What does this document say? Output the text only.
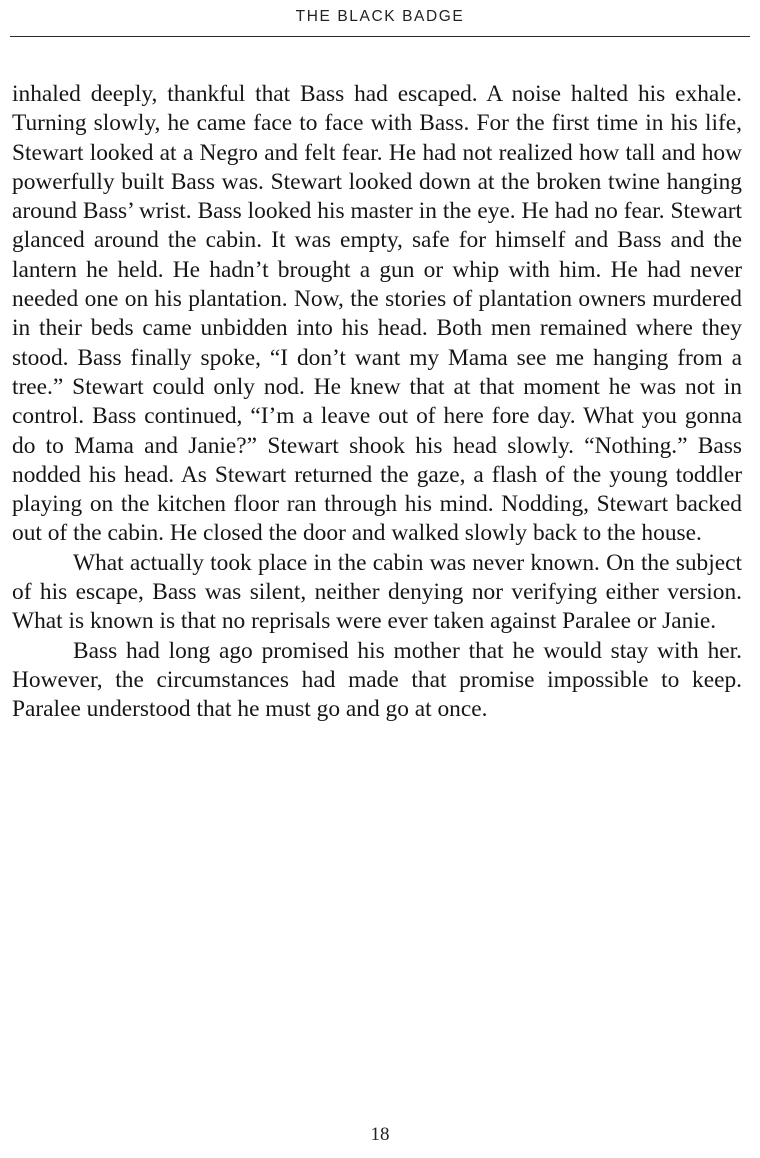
THE BLACK BADGE

inhaled deeply, thankful that Bass had escaped. A noise halted his exhale. Turning slowly, he came face to face with Bass. For the first time in his life, Stewart looked at a Negro and felt fear. He had not realized how tall and how powerfully built Bass was. Stewart looked down at the broken twine hanging around Bass’ wrist. Bass looked his master in the eye. He had no fear. Stewart glanced around the cabin. It was empty, safe for himself and Bass and the lantern he held. He hadn’t brought a gun or whip with him. He had never needed one on his plantation. Now, the stories of plantation owners murdered in their beds came unbidden into his head. Both men remained where they stood. Bass finally spoke, “I don’t want my Mama see me hanging from a tree.” Stewart could only nod. He knew that at that moment he was not in control. Bass continued, “I’m a leave out of here fore day. What you gonna do to Mama and Janie?” Stewart shook his head slowly. “Nothing.” Bass nodded his head. As Stewart returned the gaze, a flash of the young toddler playing on the kitchen floor ran through his mind. Nodding, Stewart backed out of the cabin. He closed the door and walked slowly back to the house.

What actually took place in the cabin was never known. On the subject of his escape, Bass was silent, neither denying nor verifying either version. What is known is that no reprisals were ever taken against Paralee or Janie.

Bass had long ago promised his mother that he would stay with her. However, the circumstances had made that promise impossible to keep. Paralee understood that he must go and go at once.

18
